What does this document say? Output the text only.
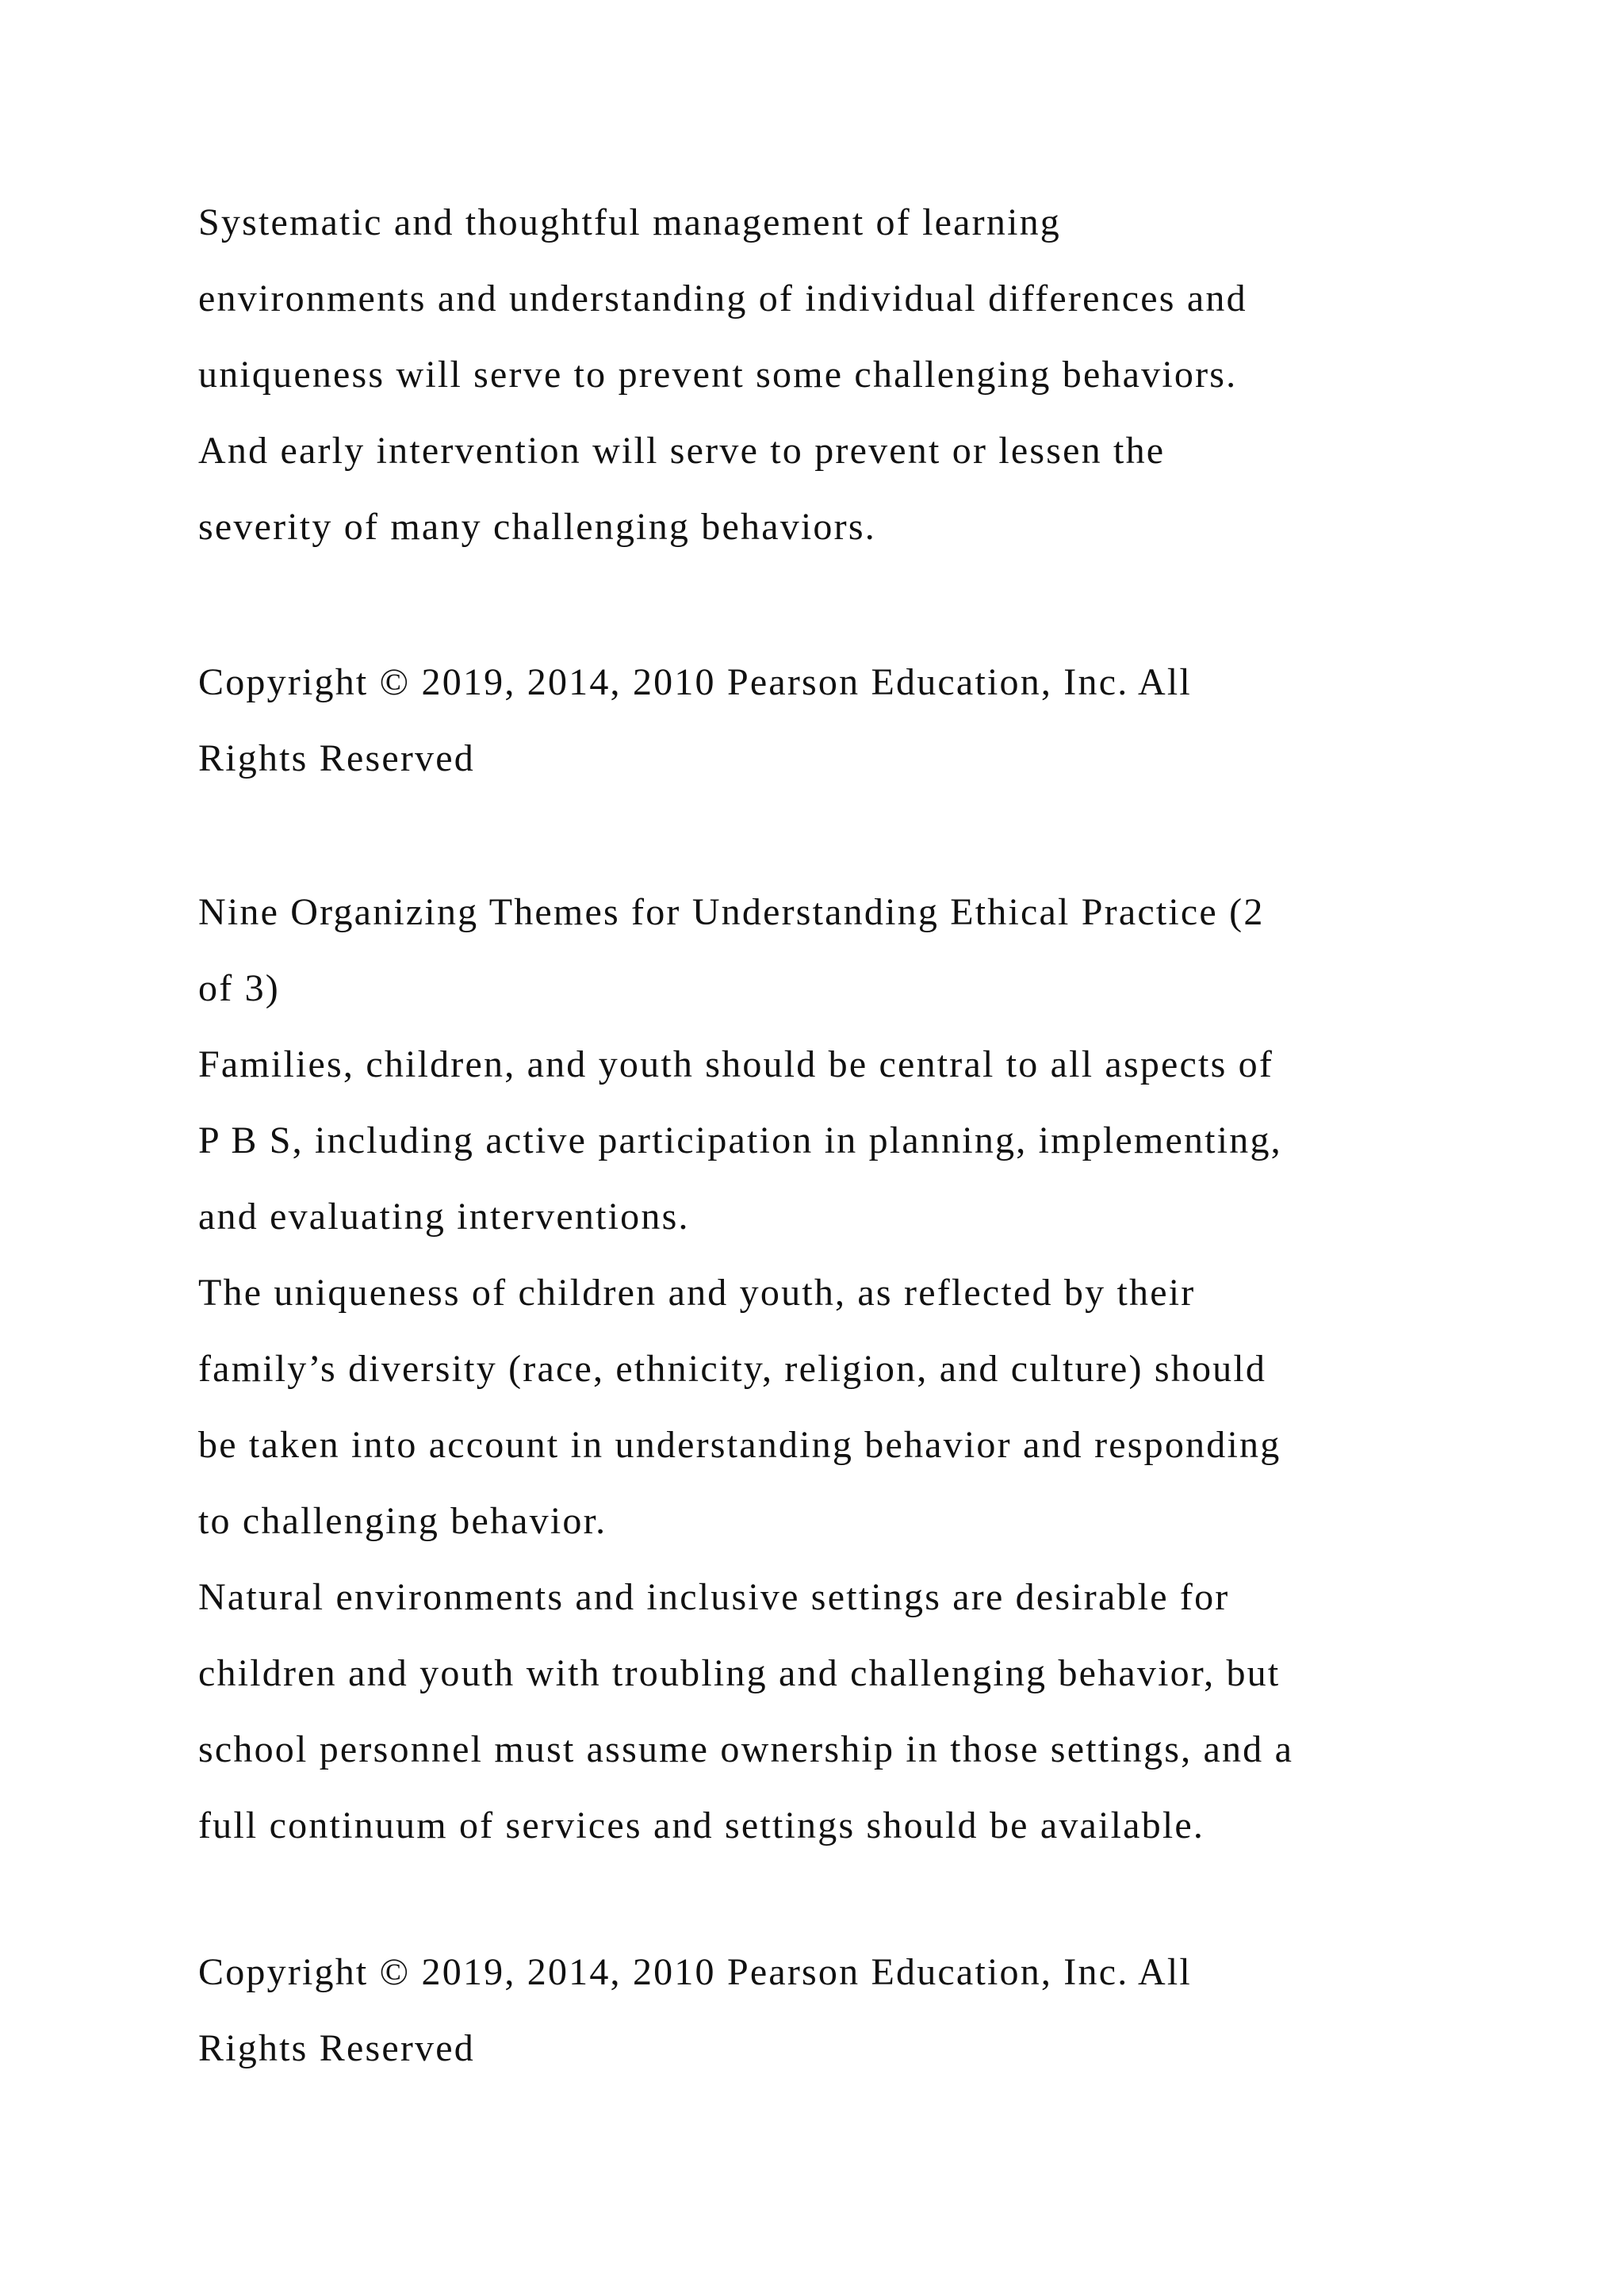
Systematic and thoughtful management of learning
environments and understanding of individual differences and
uniqueness will serve to prevent some challenging behaviors.
And early intervention will serve to prevent or lessen the
severity of many challenging behaviors.
Copyright © 2019, 2014, 2010 Pearson Education, Inc. All
Rights Reserved
Nine Organizing Themes for Understanding Ethical Practice (2
of 3)
Families, children, and youth should be central to all aspects of
P B S, including active participation in planning, implementing,
and evaluating interventions.
The uniqueness of children and youth, as reflected by their
family’s diversity (race, ethnicity, religion, and culture) should
be taken into account in understanding behavior and responding
to challenging behavior.
Natural environments and inclusive settings are desirable for
children and youth with troubling and challenging behavior, but
school personnel must assume ownership in those settings, and a
full continuum of services and settings should be available.
Copyright © 2019, 2014, 2010 Pearson Education, Inc. All
Rights Reserved
